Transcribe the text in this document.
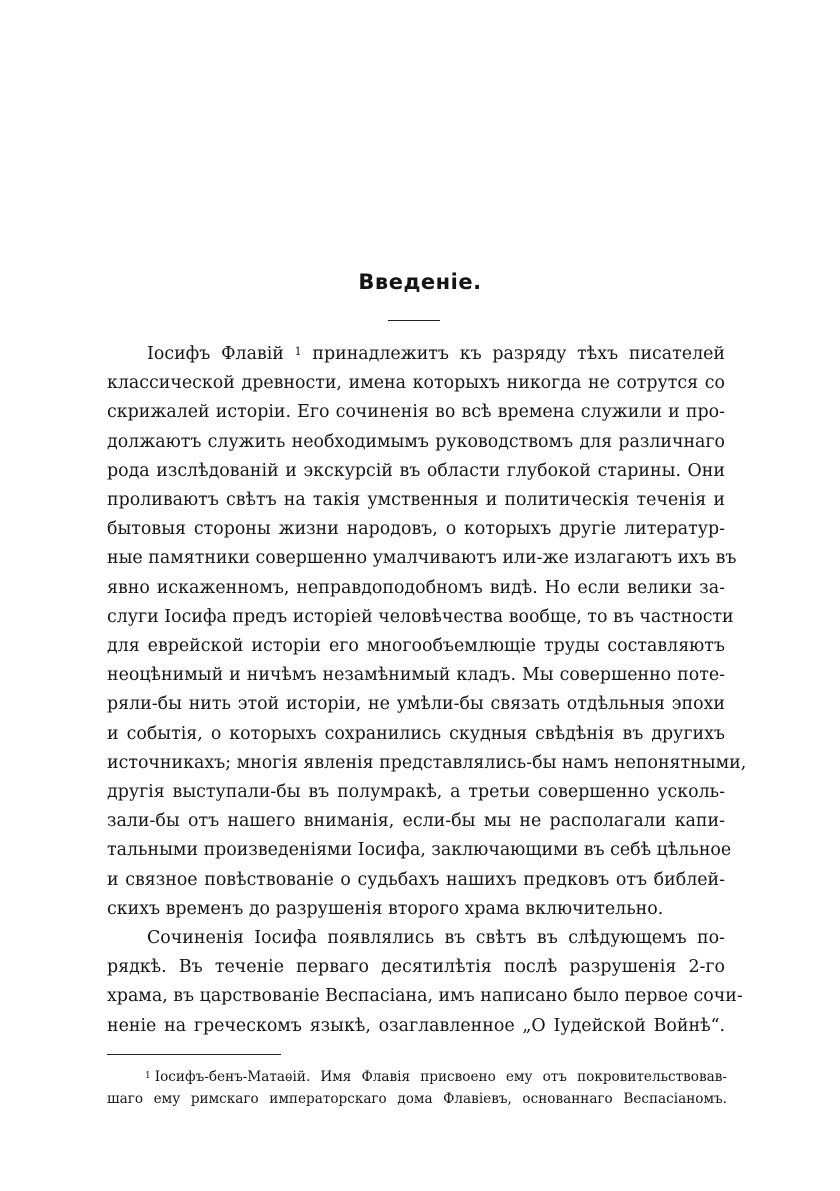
Введеніе.
Іосифъ Флавій $^1$ принадлежитъ къ разряду тѣхъ писателей
классической древности, имена которыхъ никогда не сотрутся со
скрижалей исторіи. Его сочиненія во всѣ времена служили и про-
должаютъ служить необходимымъ руководствомъ для различнаго
рода изслѣдованій и экскурсій въ области глубокой старины. Они
проливаютъ свѣтъ на такія умственныя и политическія теченія и
бытовыя стороны жизни народовъ, о которыхъ другіе литератур-
ные памятники совершенно умалчиваютъ или-же излагаютъ ихъ въ
явно искаженномъ, неправдоподобномъ видѣ. Но если велики за-
слуги Іосифа предъ исторіей человѣчества вообще, то въ частности
для еврейской исторіи его многообъемлющіе труды составляютъ
неоцѣнимый и ничѣмъ незамѣнимый кладъ. Мы совершенно поте-
ряли-бы нить этой исторіи, не умѣли-бы связать отдѣльныя эпохи
и событія, о которыхъ сохранились скудныя свѣдѣнія въ другихъ
источникахъ; многія явленія представлялись-бы намъ непонятными,
другія выступали-бы въ полумракѣ, а третьи совершенно усколь-
зали-бы отъ нашего вниманія, если-бы мы не располагали капи-
тальными произведеніями Іосифа, заключающими въ себѣ цѣльное
и связное повѣствованіе о судьбахъ нашихъ предковъ отъ библей-
скихъ временъ до разрушенія второго храма включительно.
Сочиненія Іосифа появлялись въ свѣтъ въ слѣдующемъ по-
рядкѣ. Въ теченіе перваго десятилѣтія послѣ разрушенія 2-го
храма, въ царствованіе Веспасіана, имъ написано было первое сочи-
неніе на греческомъ языкѣ, озаглавленное „О Іудейской Войнѣ“.
$^1$ Іосифъ-бенъ-Матаѳій. Имя Флавія присвоено ему отъ покровительствовав-
шаго ему римскаго императорскаго дома Флавіевъ, основаннаго Веспасіаномъ.
